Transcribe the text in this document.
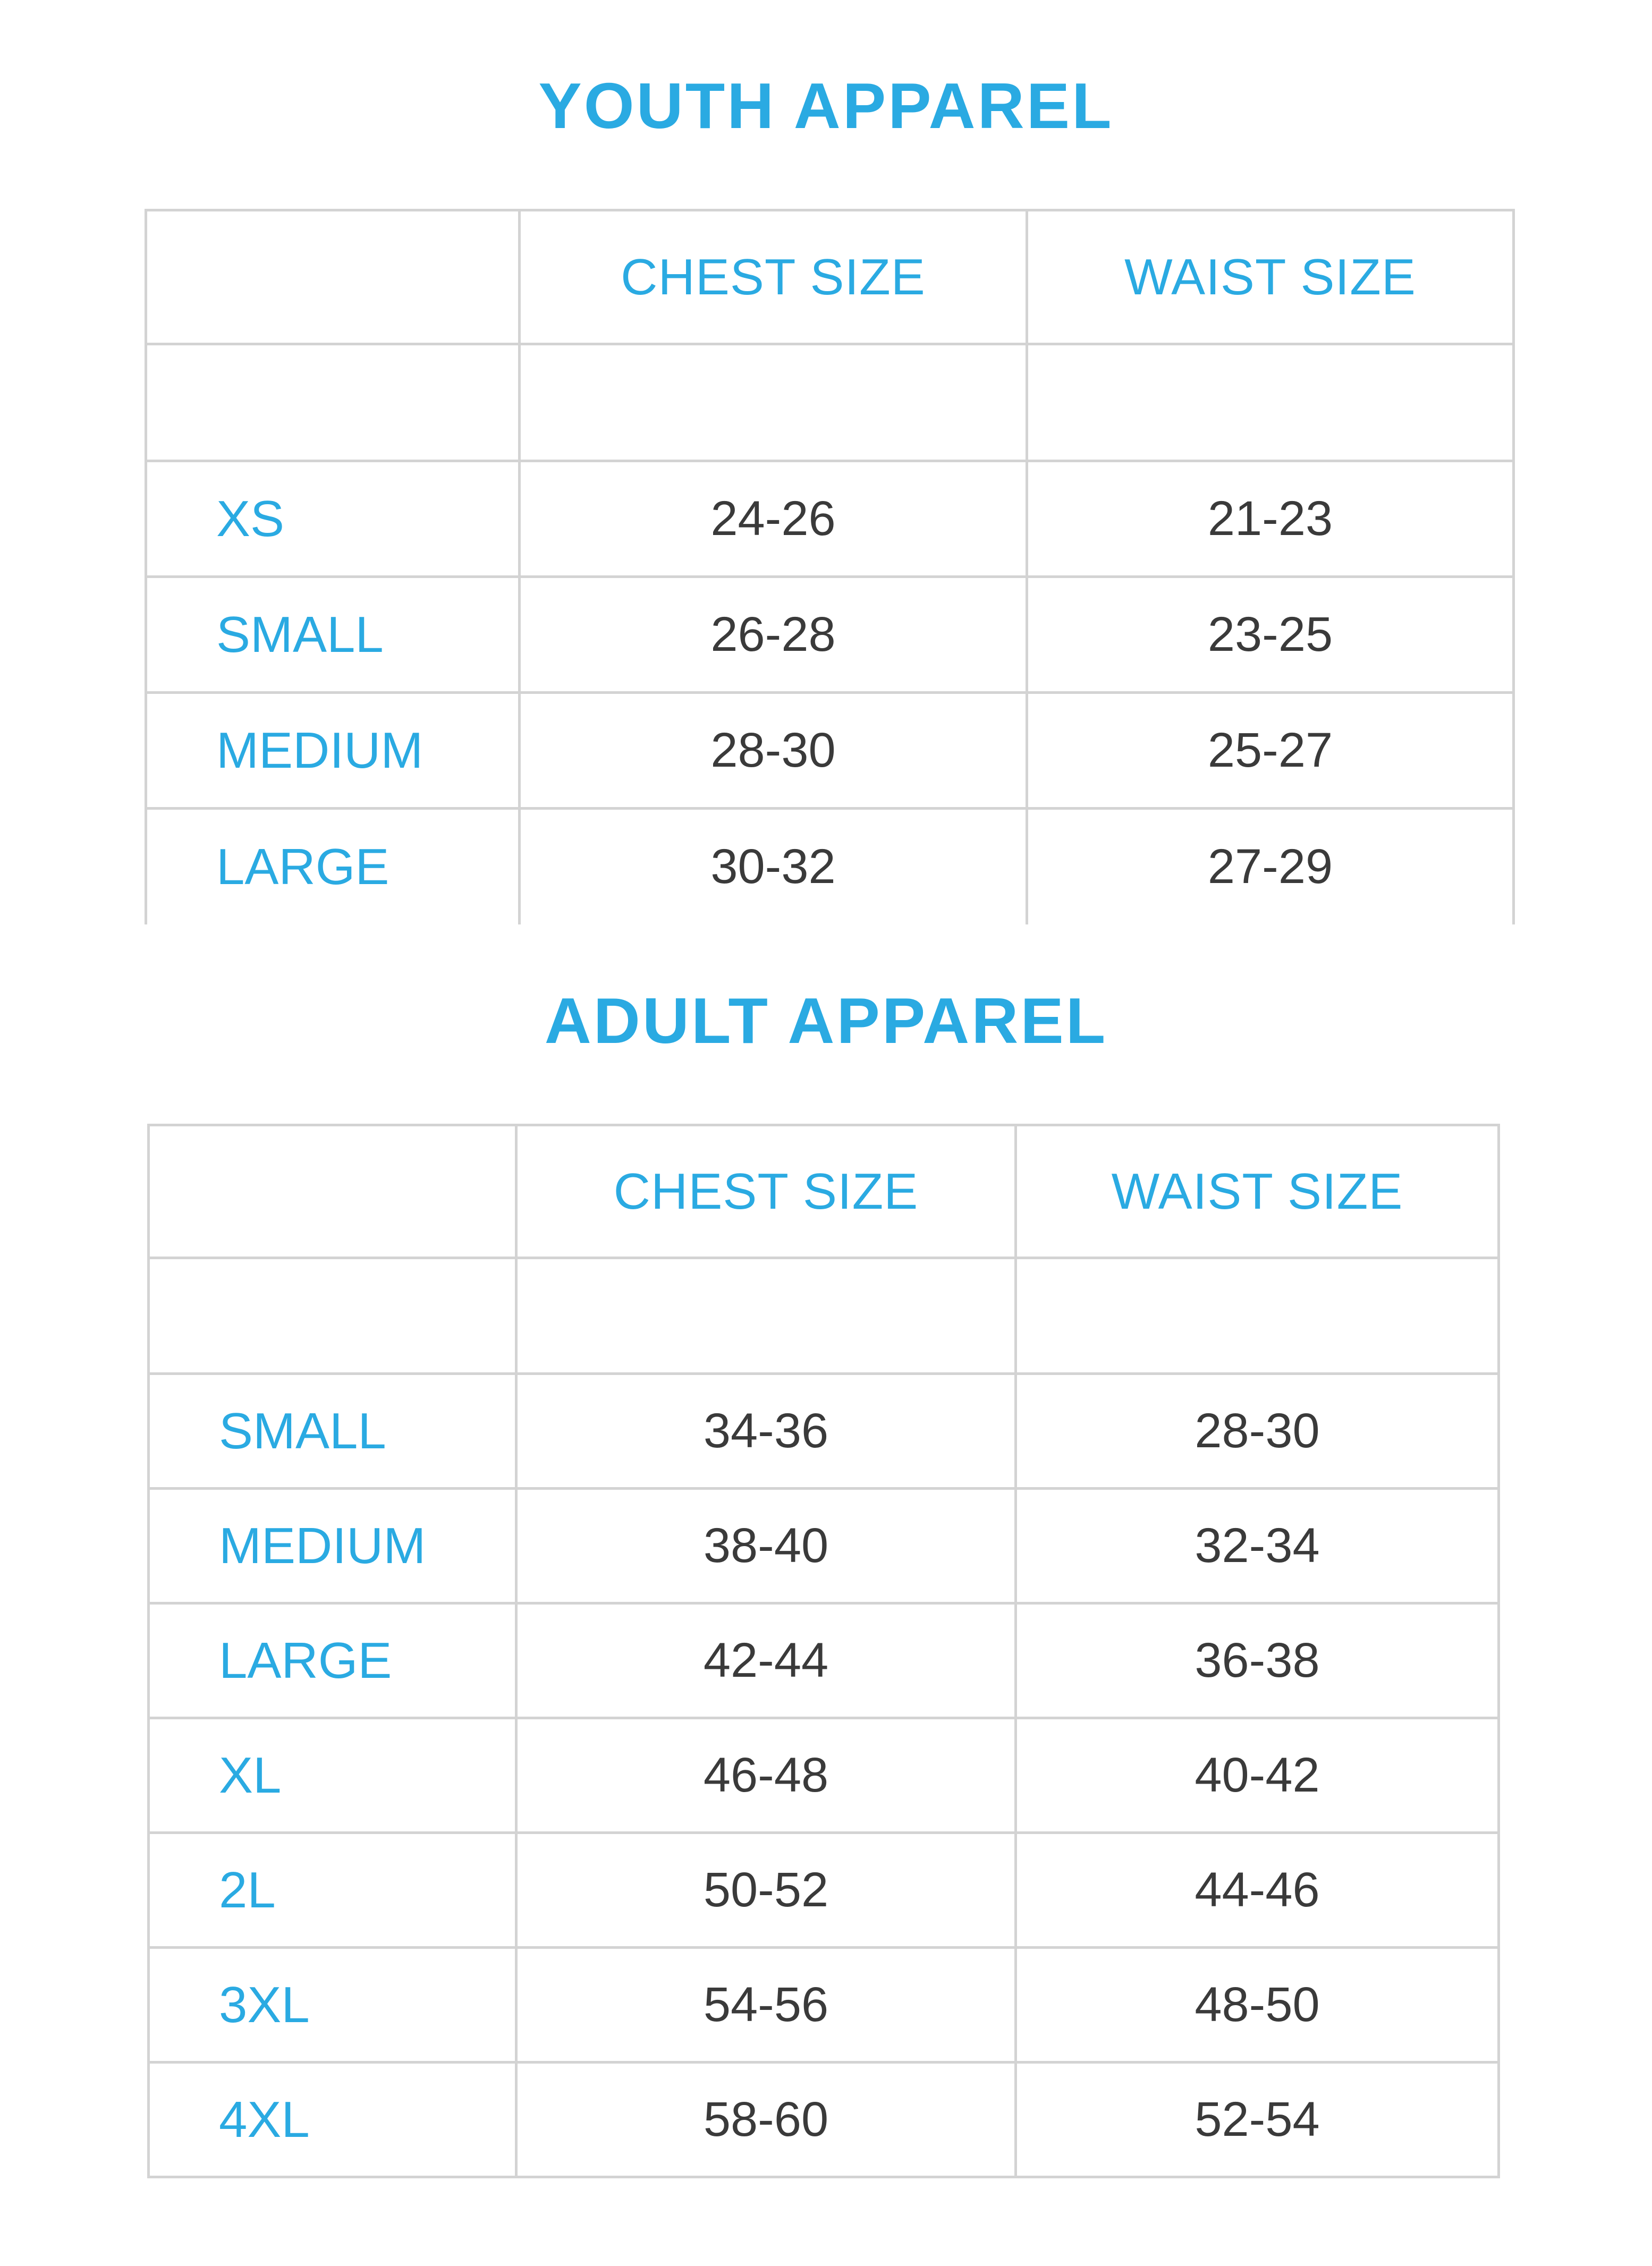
YOUTH APPAREL
	CHEST SIZE	WAIST SIZE

XS	24-26	21-23
SMALL	26-28	23-25
MEDIUM	28-30	25-27
LARGE	30-32	27-29
ADULT APPAREL
	CHEST SIZE	WAIST SIZE

SMALL	34-36	28-30
MEDIUM	38-40	32-34
LARGE	42-44	36-38
XL	46-48	40-42
2L	50-52	44-46
3XL	54-56	48-50
4XL	58-60	52-54
